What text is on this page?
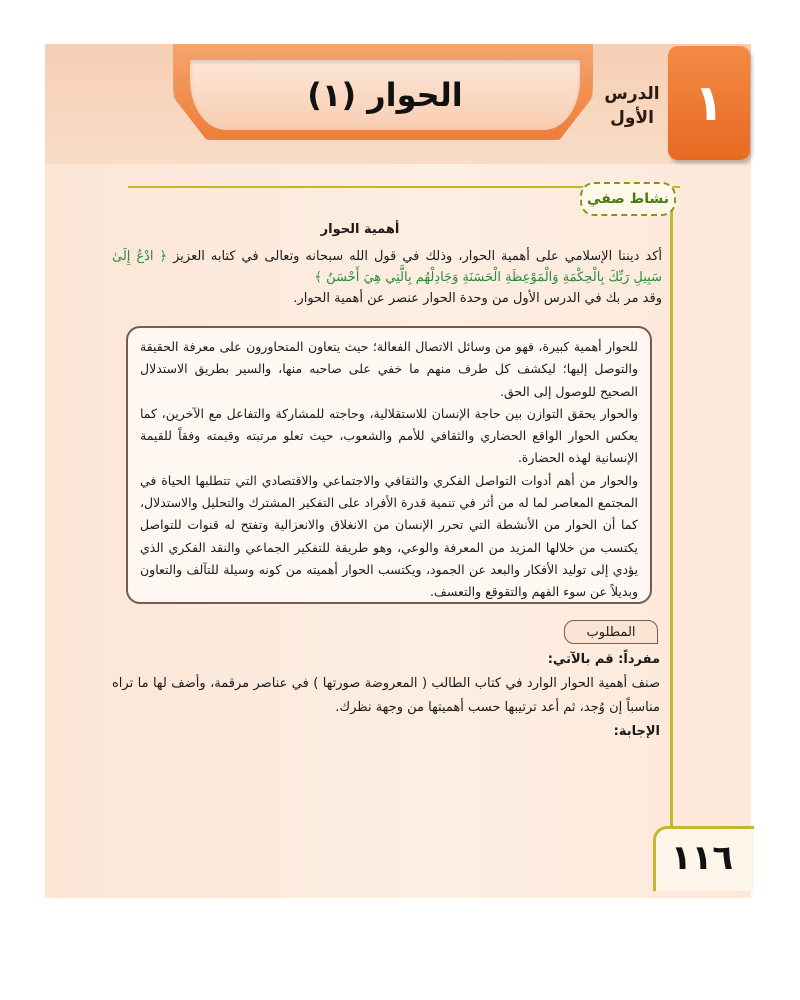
١
الدرس
الأول
الحوار (١)
نشاط صفي
أهمية الحوار
أكد ديننا الإسلامي على أهمية الحوار، وذلك في قول الله سبحانه وتعالى في كتابه العزيز ﴿ ادْعُ إِلَىٰ سَبِيلِ رَبِّكَ بِالْحِكْمَةِ وَالْمَوْعِظَةِ الْحَسَنَةِ وَجَادِلْهُم بِالَّتِي هِيَ أَحْسَنُ ﴾
وقد مر بك في الدرس الأول من وحدة الحوار عنصر عن أهمية الحوار.

للحوار أهمية كبيرة، فهو من وسائل الاتصال الفعالة؛ حيث يتعاون المتحاورون على معرفة الحقيقة والتوصل إليها؛ ليكشف كل طرف منهم ما خفي على صاحبه منها، والسير بطريق الاستدلال الصحيح للوصول إلى الحق.

والحوار يحقق التوازن بين حاجة الإنسان للاستقلالية، وحاجته للمشاركة والتفاعل مع الآخرين، كما يعكس الحوار الواقع الحضاري والثقافي للأمم والشعوب، حيث تعلو مرتبته وقيمته وفقاً للقيمة الإنسانية لهذه الحضارة.

والحوار من أهم أدوات التواصل الفكري والثقافي والاجتماعي والاقتصادي التي تتطلبها الحياة في المجتمع المعاصر لما له من أثر في تنمية قدرة الأفراد على التفكير المشترك والتحليل والاستدلال، كما أن الحوار من الأنشطة التي تحرر الإنسان من الانغلاق والانعزالية وتفتح له قنوات للتواصل يكتسب من خلالها المزيد من المعرفة والوعي، وهو طريقة للتفكير الجماعي والنقد الفكري الذي يؤدي إلى توليد الأفكار والبعد عن الجمود، ويكتسب الحوار أهميته من كونه وسيلة للتآلف والتعاون وبديلاً عن سوء الفهم والتقوقع والتعسف.

المطلوب
مفرداً: قم بالآتي:
صنف أهمية الحوار الوارد في كتاب الطالب ( المعروضة صورتها ) في عناصر مرقمة، وأضف لها ما تراه مناسباً إن وُجد، ثم أعد ترتيبها حسب أهميتها من وجهة نظرك.
الإجابة:
١١٦
